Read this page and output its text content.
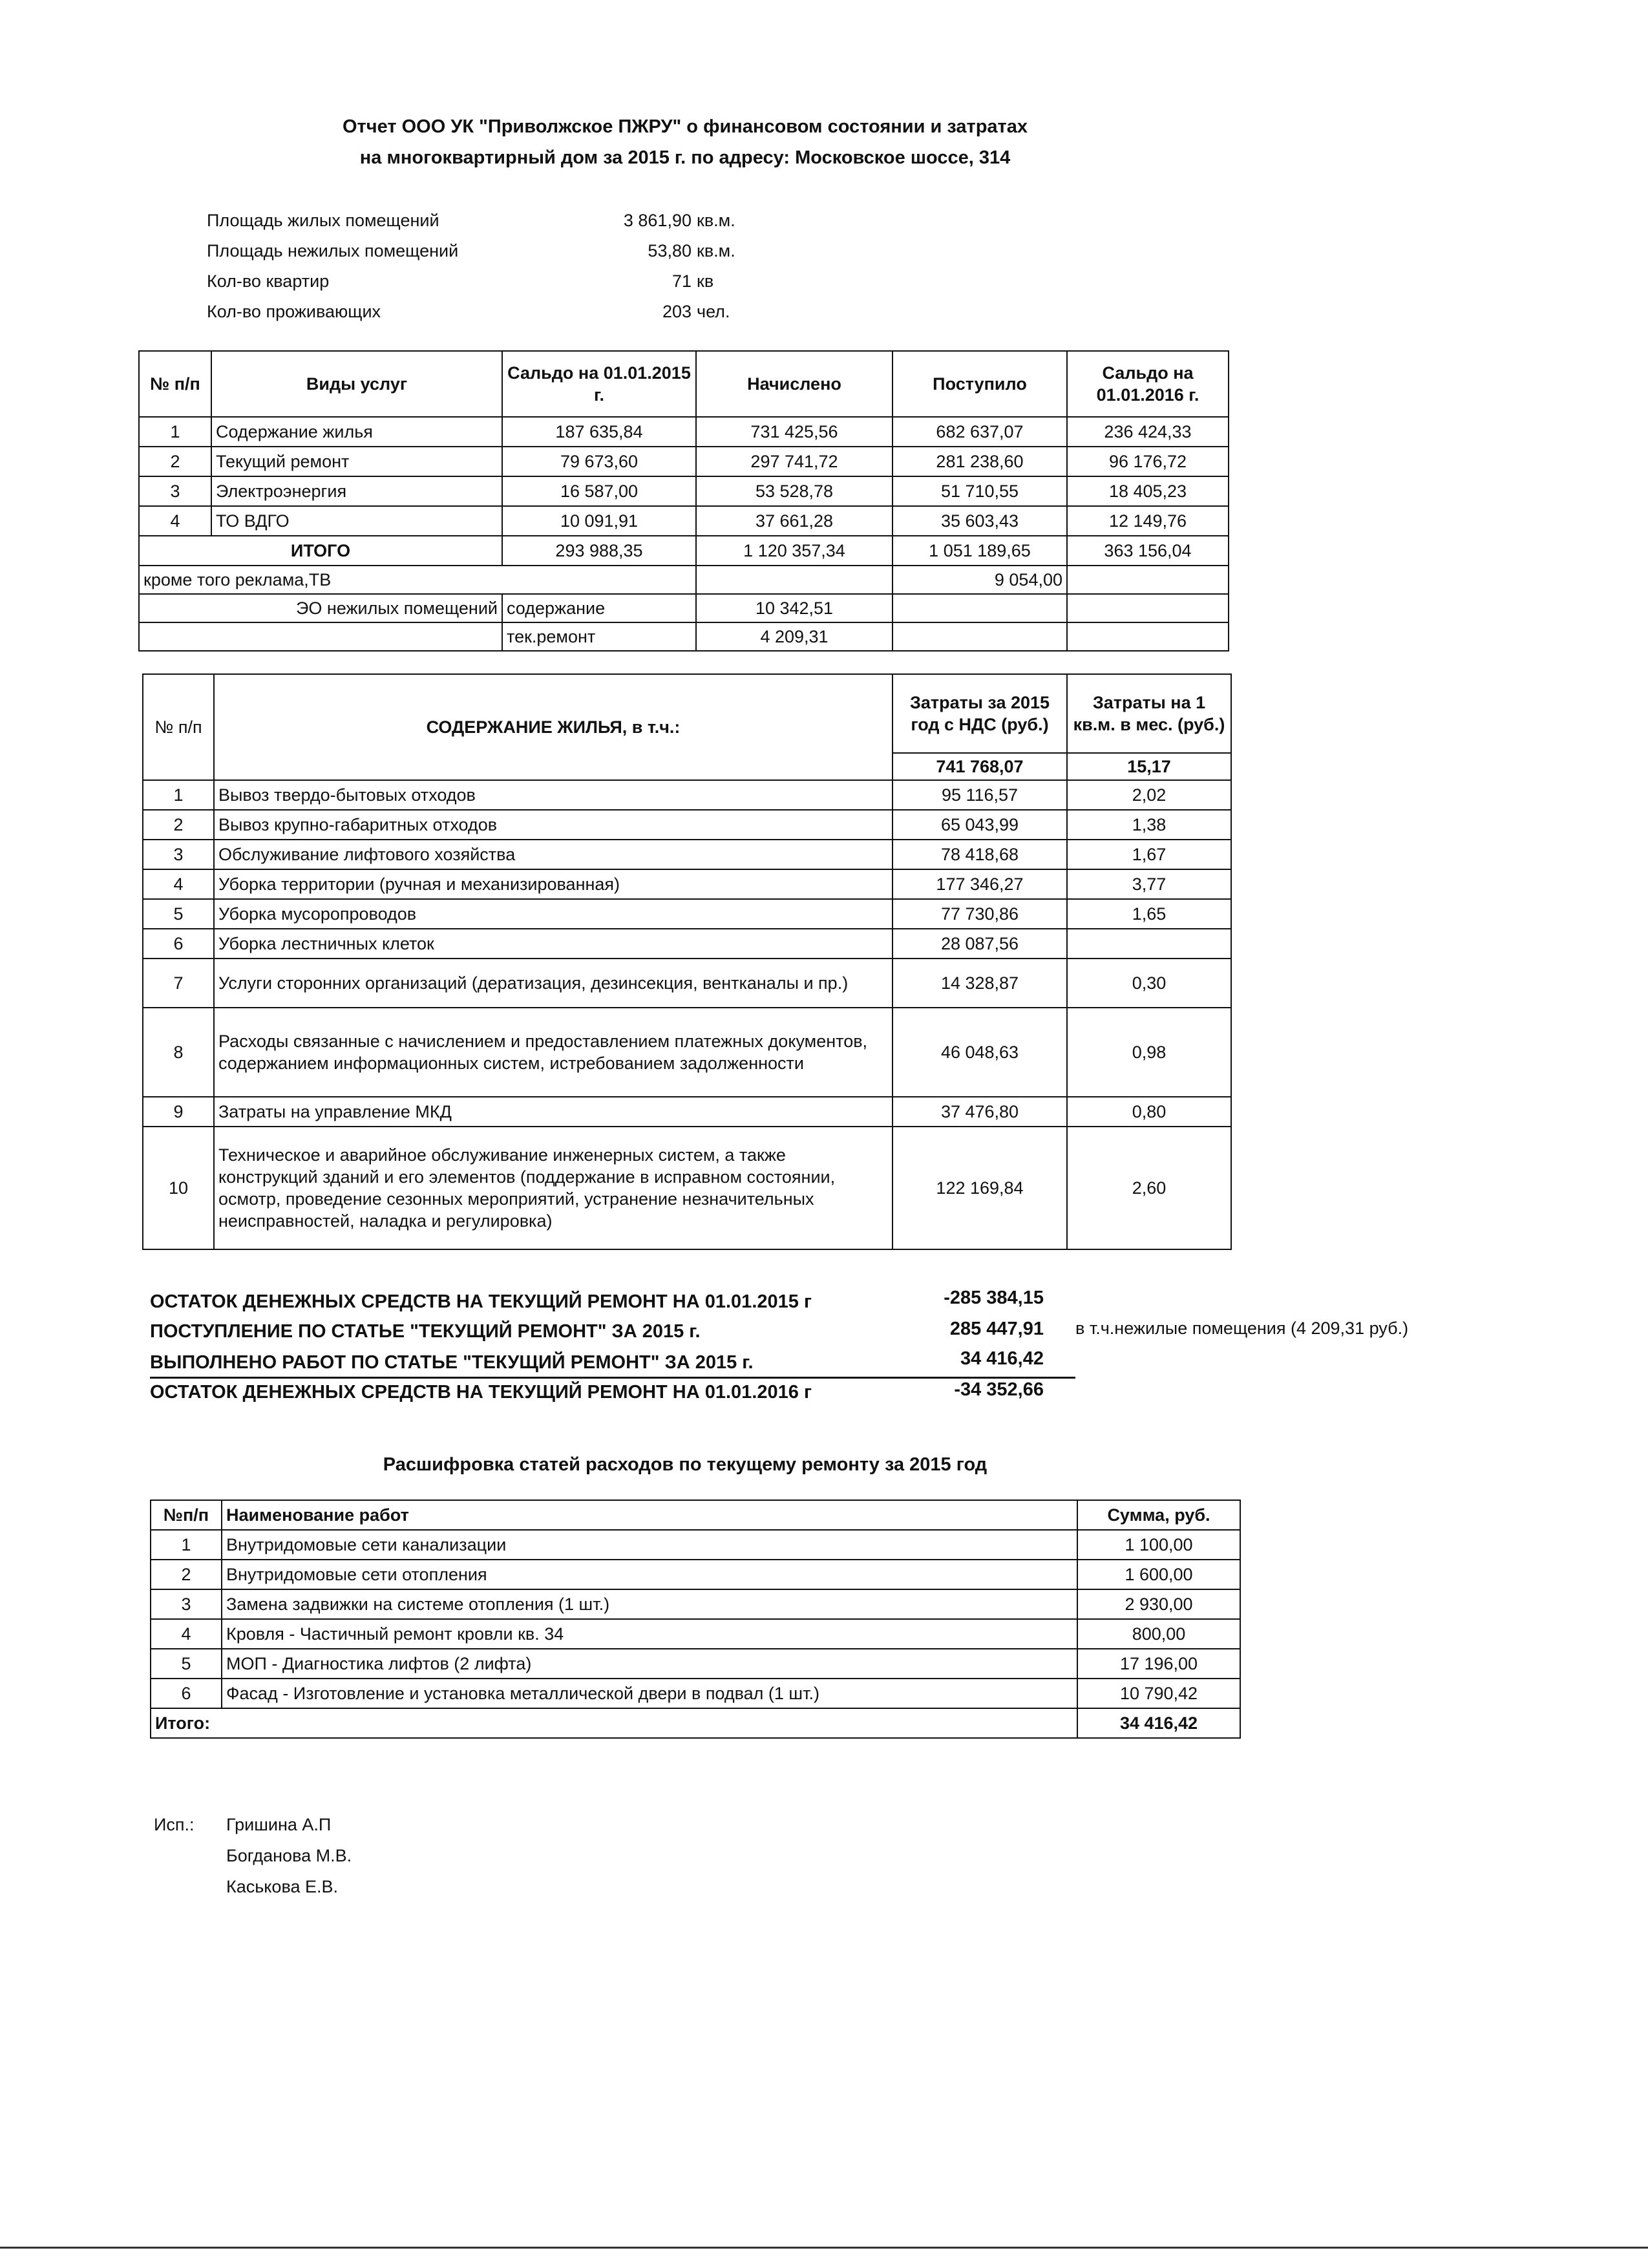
Отчет ООО УК "Приволжское ПЖРУ" о финансовом состоянии и затратах
на многоквартирный дом за 2015 г. по адресу: Московское шоссе, 314
Площадь жилых помещений	3 861,90 кв.м.
Площадь нежилых помещений	53,80 кв.м.
Кол-во квартир	71 кв
Кол-во проживающих	203 чел.
№ п/п	Виды услуг	Сальдо на 01.01.2015 г.	Начислено	Поступило	Сальдо на 01.01.2016 г.
1	Содержание жилья	187 635,84	731 425,56	682 637,07	236 424,33
2	Текущий ремонт	79 673,60	297 741,72	281 238,60	96 176,72
3	Электроэнергия	16 587,00	53 528,78	51 710,55	18 405,23
4	ТО ВДГО	10 091,91	37 661,28	35 603,43	12 149,76
ИТОГО		293 988,35	1 120 357,34	1 051 189,65	363 156,04
кроме того реклама,ТВ				9 054,00	
ЭО нежилых помещений		содержание	10 342,51		
		тек.ремонт	4 209,31		
№ п/п	СОДЕРЖАНИЕ ЖИЛЬЯ, в т.ч.:	Затраты за 2015 год с НДС (руб.)	Затраты на 1 кв.м. в мес. (руб.)
		741 768,07	15,17
1	Вывоз твердо-бытовых отходов	95 116,57	2,02
2	Вывоз крупно-габаритных отходов	65 043,99	1,38
3	Обслуживание лифтового хозяйства	78 418,68	1,67
4	Уборка территории (ручная и механизированная)	177 346,27	3,77
5	Уборка мусоропроводов	77 730,86	1,65
6	Уборка лестничных клеток	28 087,56	
7	Услуги сторонних организаций (дератизация, дезинсекция, вентканалы и пр.)	14 328,87	0,30
8	Расходы связанные с начислением и предоставлением платежных документов, содержанием информационных систем, истребованием задолженности	46 048,63	0,98
9	Затраты на управление МКД	37 476,80	0,80
10	Техническое и аварийное обслуживание инженерных систем, а также конструкций зданий и его элементов (поддержание в исправном состоянии, осмотр, проведение сезонных мероприятий, устранение незначительных неисправностей, наладка и регулировка)	122 169,84	2,60
ОСТАТОК ДЕНЕЖНЫХ СРЕДСТВ НА ТЕКУЩИЙ РЕМОНТ НА 01.01.2015 г	-285 384,15
ПОСТУПЛЕНИЕ ПО СТАТЬЕ "ТЕКУЩИЙ РЕМОНТ" ЗА 2015 г.	285 447,91 в т.ч.нежилые помещения (4 209,31 руб.)
ВЫПОЛНЕНО РАБОТ ПО СТАТЬЕ "ТЕКУЩИЙ РЕМОНТ" ЗА 2015 г.	34 416,42
ОСТАТОК ДЕНЕЖНЫХ СРЕДСТВ НА ТЕКУЩИЙ РЕМОНТ НА 01.01.2016 г	-34 352,66
Расшифровка статей расходов по текущему ремонту за 2015 год
№п/п	Наименование работ	Сумма, руб.
1	Внутридомовые сети канализации	1 100,00
2	Внутридомовые сети отопления	1 600,00
3	Замена задвижки на системе отопления (1 шт.)	2 930,00
4	Кровля - Частичный ремонт кровли кв. 34	800,00
5	МОП - Диагностика лифтов (2 лифта)	17 196,00
6	Фасад - Изготовление и установка металлической двери в подвал (1 шт.)	10 790,42
Итого:		34 416,42
Исп.: Гришина А.П
Богданова М.В.
Каськова Е.В.
